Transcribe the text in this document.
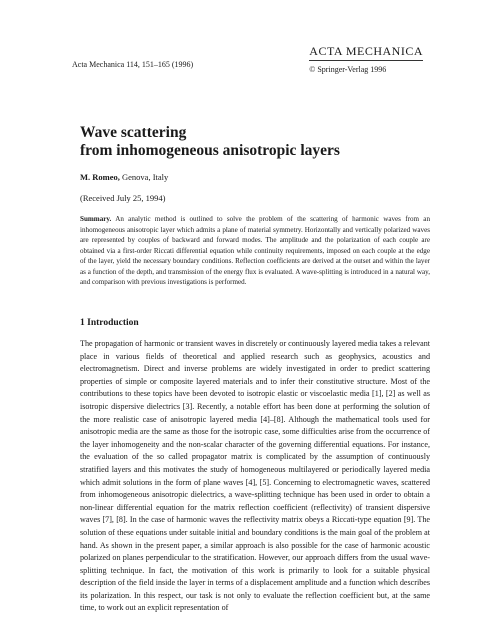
Acta Mechanica 114, 151–165 (1996)
ACTA MECHANICA
© Springer-Verlag 1996
Wave scattering
from inhomogeneous anisotropic layers
M. Romeo, Genova, Italy
(Received July 25, 1994)

Summary. An analytic method is outlined to solve the problem of the scattering of harmonic waves from an inhomogeneous anisotropic layer which admits a plane of material symmetry. Horizontally and vertically polarized waves are represented by couples of backward and forward modes. The amplitude and the polarization of each couple are obtained via a first-order Riccati differential equation while continuity requirements, imposed on each couple at the edge of the layer, yield the necessary boundary conditions. Reflection coefficients are derived at the outset and within the layer as a function of the depth, and transmission of the energy flux is evaluated. A wave-splitting is introduced in a natural way, and comparison with previous investigations is performed.

1 Introduction

The propagation of harmonic or transient waves in discretely or continuously layered media takes a relevant place in various fields of theoretical and applied research such as geophysics, acoustics and electromagnetism. Direct and inverse problems are widely investigated in order to predict scattering properties of simple or composite layered materials and to infer their constitutive structure. Most of the contributions to these topics have been devoted to isotropic elastic or viscoelastic media [1], [2] as well as isotropic dispersive dielectrics [3]. Recently, a notable effort has been done at performing the solution of the more realistic case of anisotropic layered media [4]–[8]. Although the mathematical tools used for anisotropic media are the same as those for the isotropic case, some difficulties arise from the occurrence of the layer inhomogeneity and the non-scalar character of the governing differential equations. For instance, the evaluation of the so called propagator matrix is complicated by the assumption of continuously stratified layers and this motivates the study of homogeneous multilayered or periodically layered media which admit solutions in the form of plane waves [4], [5]. Concerning to electromagnetic waves, scattered from inhomogeneous anisotropic dielectrics, a wave-splitting technique has been used in order to obtain a non-linear differential equation for the matrix reflection coefficient (reflectivity) of transient dispersive waves [7], [8]. In the case of harmonic waves the reflectivity matrix obeys a Riccati-type equation [9]. The solution of these equations under suitable initial and boundary conditions is the main goal of the problem at hand. As shown in the present paper, a similar approach is also possible for the case of harmonic acoustic polarized on planes perpendicular to the stratification. However, our approach differs from the usual wave-splitting technique. In fact, the motivation of this work is primarily to look for a suitable physical description of the field inside the layer in terms of a displacement amplitude and a function which describes its polarization. In this respect, our task is not only to evaluate the reflection coefficient but, at the same time, to work out an explicit representation of
